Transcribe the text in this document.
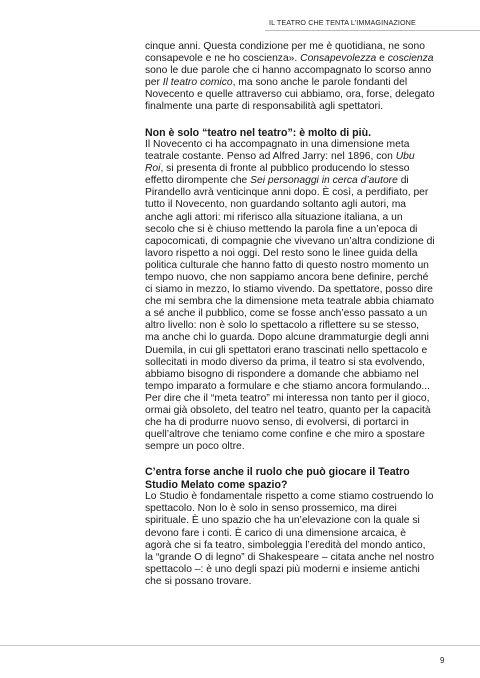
IL TEATRO CHE TENTA L’IMMAGINAZIONE

cinque anni. Questa condizione per me è quotidiana, ne sono consapevole e ne ho coscienza». Consapevolezza e coscienza sono le due parole che ci hanno accompagnato lo scorso anno per Il teatro comico, ma sono anche le parole fondanti del Novecento e quelle attraverso cui abbiamo, ora, forse, delegato finalmente una parte di responsabilità agli spettatori.

Non è solo “teatro nel teatro”: è molto di più.

Il Novecento ci ha accompagnato in una dimensione meta teatrale costante. Penso ad Alfred Jarry: nel 1896, con Ubu Roi, si presenta di fronte al pubblico producendo lo stesso effetto dirompente che Sei personaggi in cerca d’autore di Pirandello avrà venticinque anni dopo. È così, a perdifiato, per tutto il Novecento, non guardando soltanto agli autori, ma anche agli attori: mi riferisco alla situazione italiana, a un secolo che si è chiuso mettendo la parola fine a un’epoca di capocomicati, di compagnie che vivevano un’altra condizione di lavoro rispetto a noi oggi. Del resto sono le linee guida della politica culturale che hanno fatto di questo nostro momento un tempo nuovo, che non sappiamo ancora bene definire, perché ci siamo in mezzo, lo stiamo vivendo. Da spettatore, posso dire che mi sembra che la dimensione meta teatrale abbia chiamato a sé anche il pubblico, come se fosse anch’esso passato a un altro livello: non è solo lo spettacolo a riflettere su se stesso, ma anche chi lo guarda. Dopo alcune drammaturgie degli anni Duemila, in cui gli spettatori erano trascinati nello spettacolo e sollecitati in modo diverso da prima, il teatro si sta evolvendo, abbiamo bisogno di rispondere a domande che abbiamo nel tempo imparato a formulare e che stiamo ancora formulando... Per dire che il “meta teatro” mi interessa non tanto per il gioco, ormai già obsoleto, del teatro nel teatro, quanto per la capacità che ha di produrre nuovo senso, di evolversi, di portarci in quell’altrove che teniamo come confine e che miro a spostare sempre un poco oltre.

C’entra forse anche il ruolo che può giocare il Teatro Studio Melato come spazio?

Lo Studio è fondamentale rispetto a come stiamo costruendo lo spettacolo. Non lo è solo in senso prossemico, ma direi spirituale. È uno spazio che ha un’elevazione con la quale si devono fare i conti. È carico di una dimensione arcaica, è agorà che si fa teatro, simboleggia l’eredità del mondo antico, la “grande O di legno” di Shakespeare – citata anche nel nostro spettacolo –: è uno degli spazi più moderni e insieme antichi che si possano trovare.

9
